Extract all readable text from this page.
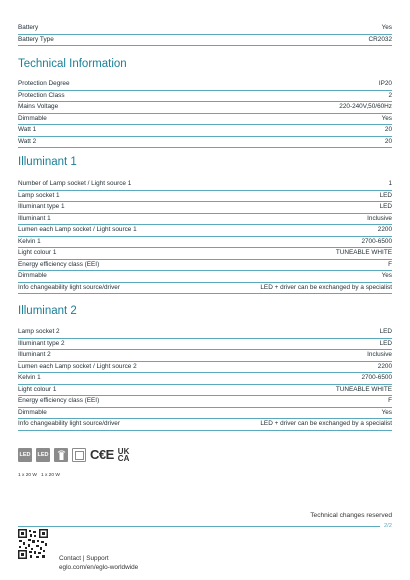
Battery	Yes
Battery Type	CR2032
Technical Information
Protection Degree	IP20
Protection Class	2
Mains Voltage	220-240V,50/60Hz
Dimmable	Yes
Watt 1	20
Watt 2	20
Illuminant 1
Number of Lamp socket / Light source 1	1
Lamp socket 1	LED
Illuminant type 1	LED
Illuminant 1	Inclusive
Lumen each Lamp socket / Light source 1	2200
Kelvin 1	2700-6500
Light colour 1	TUNEABLE WHITE
Energy efficiency class (EEI)	F
Dimmable	Yes
Info changeability light source/driver	LED + driver can be exchanged by a specialist
Illuminant 2
Lamp socket 2	LED
Illuminant type 2	LED
Illuminant 2	Inclusive
Lumen each Lamp socket / Light source 2	2200
Kelvin 1	2700-6500
Light colour 1	TUNEABLE WHITE
Energy efficiency class (EEI)	F
Dimmable	Yes
Info changeability light source/driver	LED + driver can be exchanged by a specialist
LED LED	C€E UK
CA
1 x 20 W 1 x 20 W
Technical changes reserved
2/2
Contact | Support
eglo.com/en/eglo-worldwide
